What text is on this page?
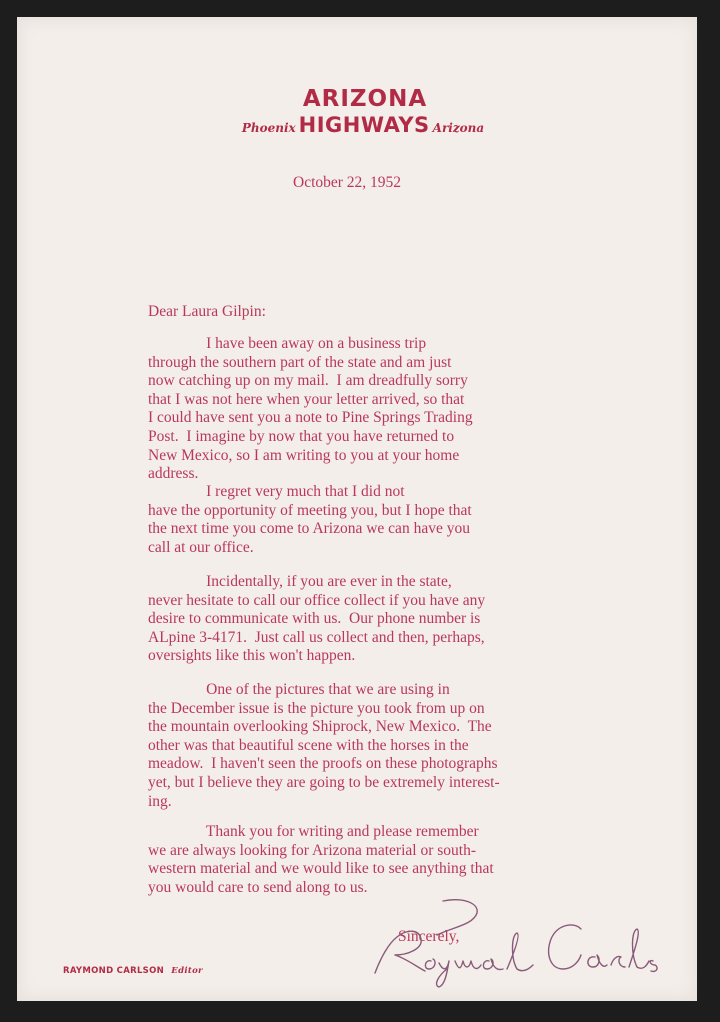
ARIZONA
Phoenix HIGHWAYS Arizona
October 22, 1952
Dear Laura Gilpin:
I have been away on a business trip
through the southern part of the state and am just
now catching up on my mail.  I am dreadfully sorry
that I was not here when your letter arrived, so that
I could have sent you a note to Pine Springs Trading
Post.  I imagine by now that you have returned to
New Mexico, so I am writing to you at your home
address.
I regret very much that I did not
have the opportunity of meeting you, but I hope that
the next time you come to Arizona we can have you
call at our office.
Incidentally, if you are ever in the state,
never hesitate to call our office collect if you have any
desire to communicate with us.  Our phone number is
ALpine 3-4171.  Just call us collect and then, perhaps,
oversights like this won't happen.
One of the pictures that we are using in
the December issue is the picture you took from up on
the mountain overlooking Shiprock, New Mexico.  The
other was that beautiful scene with the horses in the
meadow.  I haven't seen the proofs on these photographs
yet, but I believe they are going to be extremely interest-
ing.
Thank you for writing and please remember
we are always looking for Arizona material or south-
western material and we would like to see anything that
you would care to send along to us.
Sincerely,
RAYMOND CARLSON Editor
